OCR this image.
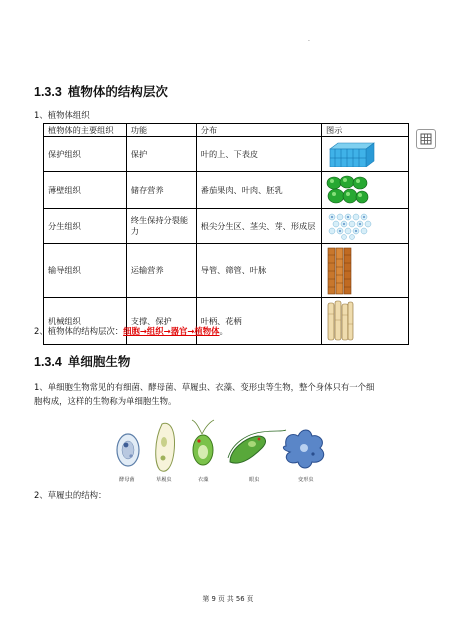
.
1.3.3 植物体的结构层次
1、植物体组织
植物体的主要组织	功能	分布	图示
保护组织	保护	叶的上、下表皮	

薄壁组织	储存营养	番茄果肉、叶肉、胚乳	

分生组织	终生保持分裂能力	根尖分生区、茎尖、芽、形成层	

输导组织	运输营养	导管、筛管、叶脉	

机械组织	支撑、保护	叶柄、花柄	
2、植物体的结构层次：细胞→组织→器官→植物体。
1.3.4 单细胞生物
1、单细胞生物常见的有细菌、酵母菌、草履虫、衣藻、变形虫等生物，整个身体只有一个细
胞构成，这样的生物称为单细胞生物。
酵母菌	草履虫	衣藻	眼虫	变形虫
2、草履虫的结构：
第 9 页 共 56 页
